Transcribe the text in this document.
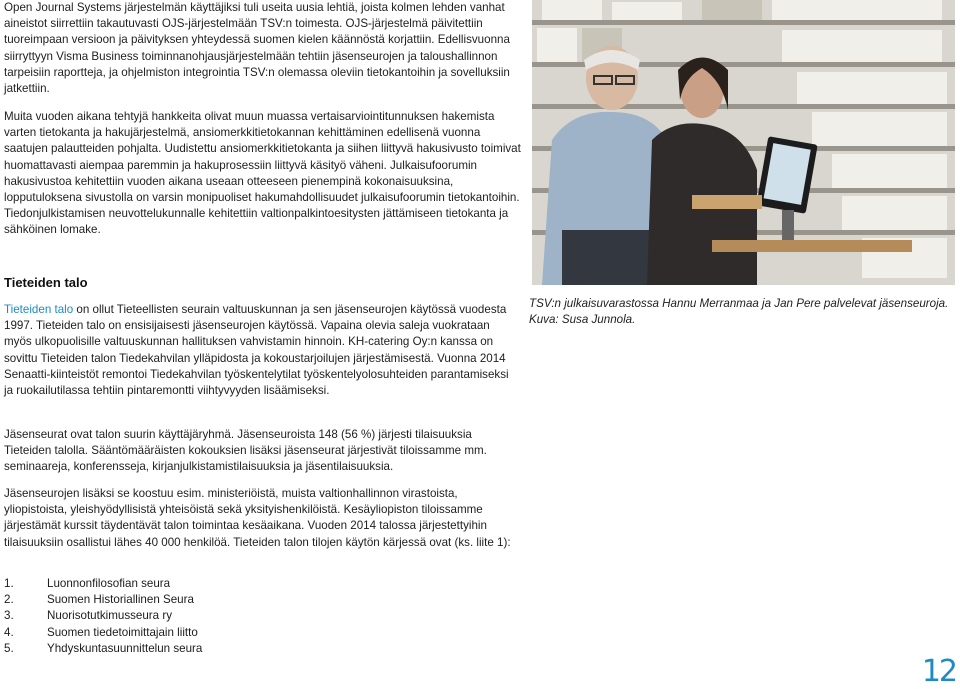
Open Journal Systems järjestelmän käyttäjiksi tuli useita uusia lehtiä, joista kolmen lehden vanhat aineistot siirrettiin takautuvasti OJS-järjestelmään TSV:n toimesta. OJS-järjestelmä päivitettiin tuoreimpaan versioon ja päivityksen yhteydessä suomen kielen käännöstä korjattiin. Edellisvuonna siirryttyyn Visma Business toiminnanohjausjärjestelmään tehtiin jäsenseurojen ja taloushallinnon tarpeisiin raportteja, ja ohjelmiston integrointia TSV:n olemassa oleviin tietokantoihin ja sovelluksiin jatkettiin.

Muita vuoden aikana tehtyjä hankkeita olivat muun muassa vertaisarviointitunnuksen hakemista varten tietokanta ja hakujärjestelmä, ansiomerkkitietokannan kehittäminen edellisenä vuonna saatujen palautteiden pohjalta. Uudistettu ansiomerkkitietokanta ja siihen liittyvä hakusivusto toimivat huomattavasti aiempaa paremmin ja hakuprosessiin liittyvä käsityö väheni. Julkaisufoorumin hakusivustoa kehitettiin vuoden aikana useaan otteeseen pienempinä kokonaisuuksina, lopputuloksena sivustolla on varsin monipuoliset hakumahdollisuudet julkaisufoorumin tietokantoihin. Tiedonjulkistamisen neuvottelukunnalle kehitettiin valtionpalkintoesitysten jättämiseen tietokanta ja sähköinen lomake.

Tieteiden talo

Tieteiden talo on ollut Tieteellisten seurain valtuuskunnan ja sen jäsenseurojen käytössä vuodesta 1997. Tieteiden talo on ensisijaisesti jäsenseurojen käytössä. Vapaina olevia saleja vuokrataan myös ulkopuolisille valtuuskunnan hallituksen vahvistamin hinnoin. KH-catering Oy:n kanssa on sovittu Tieteiden talon Tiedekahvilan ylläpidosta ja kokoustarjoilujen järjestämisestä. Vuonna 2014 Senaatti-kiinteistöt remontoi Tiedekahvilan työskentelytilat työskentelyolosuhteiden parantamiseksi ja ruokailutilassa tehtiin pintaremontti viihtyvyyden lisäämiseksi.

Jäsenseurat ovat talon suurin käyttäjäryhmä. Jäsenseuroista 148 (56 %) järjesti tilaisuuksia Tieteiden talolla. Sääntömääräisten kokouksien lisäksi jäsenseurat järjestivät tiloissamme mm. seminaareja, konferensseja, kirjanjulkistamistilaisuuksia ja jäsentilaisuuksia.

Jäsenseurojen lisäksi se koostuu esim. ministeriöistä, muista valtionhallinnon virastoista, yliopistoista, yleishyödyllisistä yhteisöistä sekä yksityishenkilöistä. Kesäyliopiston tiloissamme järjestämät kurssit täydentävät talon toimintaa kesäaikana. Vuoden 2014 talossa järjestettyihin tilaisuuksiin osallistui lähes 40 000 henkilöä. Tieteiden talon tilojen käytön kärjessä ovat (ks. liite 1):

1.	Luonnonfilosofian seura
2.	Suomen Historiallinen Seura
3.	Nuorisotutkimusseura ry
4.	Suomen tiedetoimittajain liitto
5.	Yhdyskuntasuunnittelun seura

TSV:n julkaisuvarastossa Hannu Merranmaa ja Jan Pere palvelevat jäsenseuroja. Kuva: Susa Junnola.

12
